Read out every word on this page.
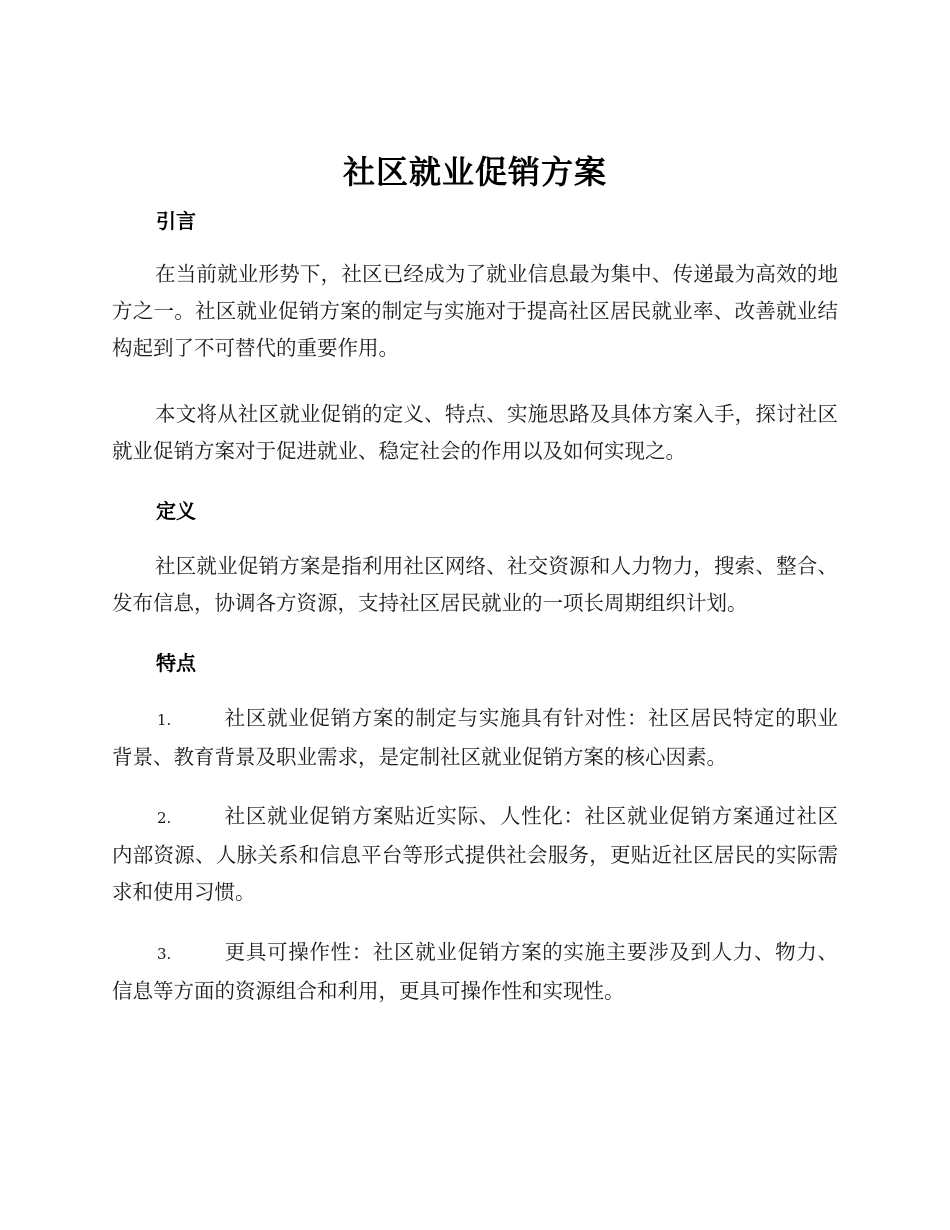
社区就业促销方案
引言
在当前就业形势下，社区已经成为了就业信息最为集中、传递最为高效的地方之一。社区就业促销方案的制定与实施对于提高社区居民就业率、改善就业结构起到了不可替代的重要作用。
本文将从社区就业促销的定义、特点、实施思路及具体方案入手，探讨社区就业促销方案对于促进就业、稳定社会的作用以及如何实现之。
定义
社区就业促销方案是指利用社区网络、社交资源和人力物力，搜索、整合、发布信息，协调各方资源，支持社区居民就业的一项长周期组织计划。
特点
1.	社区就业促销方案的制定与实施具有针对性：社区居民特定的职业背景、教育背景及职业需求，是定制社区就业促销方案的核心因素。
2.	社区就业促销方案贴近实际、人性化：社区就业促销方案通过社区内部资源、人脉关系和信息平台等形式提供社会服务，更贴近社区居民的实际需求和使用习惯。
3.	更具可操作性：社区就业促销方案的实施主要涉及到人力、物力、信息等方面的资源组合和利用，更具可操作性和实现性。
